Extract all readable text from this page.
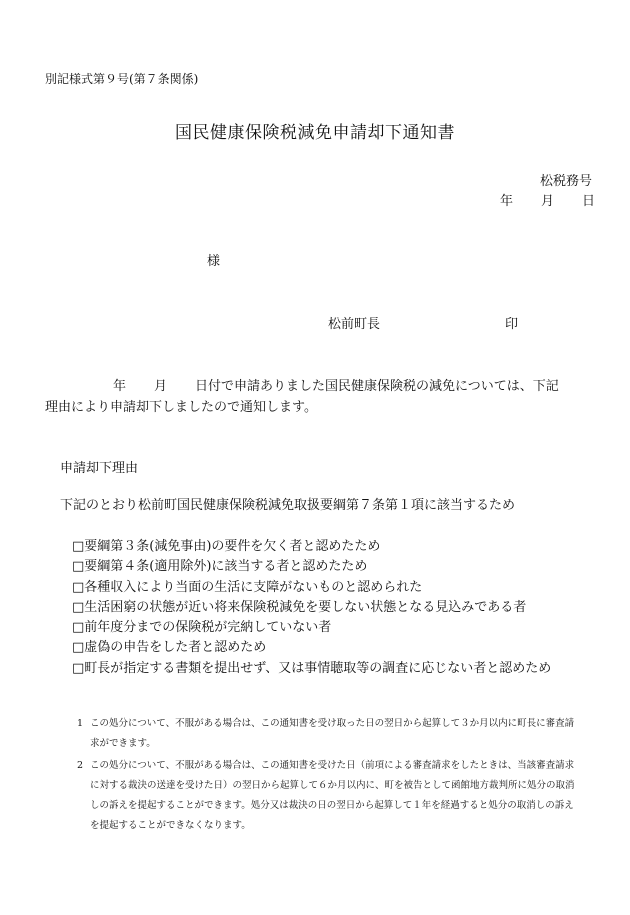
別記様式第９号(第７条関係)
国民健康保険税減免申請却下通知書
松税務号
年 月 日
様
松前町長	印
年 月 日付で申請ありました国民健康保険税の減免については、下記
理由により申請却下しましたので通知します。
申請却下理由
下記のとおり松前町国民健康保険税減免取扱要綱第７条第１項に該当するため
□要綱第３条(減免事由)の要件を欠く者と認めたため
□要綱第４条(適用除外)に該当する者と認めたため
□各種収入により当面の生活に支障がないものと認められた
□生活困窮の状態が近い将来保険税減免を要しない状態となる見込みである者
□前年度分までの保険税が完納していない者
□虚偽の申告をした者と認めため
□町長が指定する書類を提出せず、又は事情聴取等の調査に応じない者と認めため
1 この処分について、不服がある場合は、この通知書を受け取った日の翌日から起算して３か月以内に町長に審査請求ができます。
2 この処分について、不服がある場合は、この通知書を受けた日（前項による審査請求をしたときは、当該審査請求に対する裁決の送達を受けた日）の翌日から起算して６か月以内に、町を被告として函館地方裁判所に処分の取消しの訴えを提起することができます。処分又は裁決の日の翌日から起算して１年を経過すると処分の取消しの訴えを提起することができなくなります。
